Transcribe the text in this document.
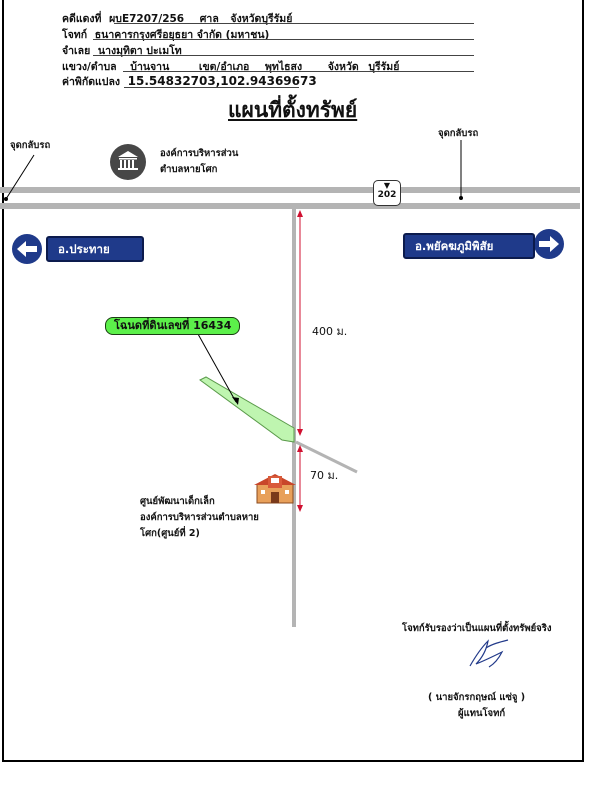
คดีแดงที่ ผบE7207/256 ศาล จังหวัดบุรีรัมย์
โจทก์ ธนาคารกรุงศรีอยุธยา จำกัด (มหาชน)
จำเลย นางมุทิตา ปะเมโท
แขวง/ตำบล บ้านจาน	เขต/อำเภอ พุทไธสง จังหวัด บุรีรัมย์
ค่าพิกัดแปลง 15.54832703,102.94369673
แผนที่ตั้งทรัพย์
จุดกลับรถ
จุดกลับรถ
องค์การบริหารส่วน
ตำบลหายโศก
▼
202
อ.ประทาย	อ.พยัคฆภูมิพิสัย
โฉนดที่ดินเลขที่ 16434	400 ม.
70 ม.
ศูนย์พัฒนาเด็กเล็ก
องค์การบริหารส่วนตำบลหาย
โศก(ศูนย์ที่ 2)
โจทก์รับรองว่าเป็นแผนที่ตั้งทรัพย์จริง
( นายจักรกฤษณ์ แซ่จู )
ผู้แทนโจทก์
